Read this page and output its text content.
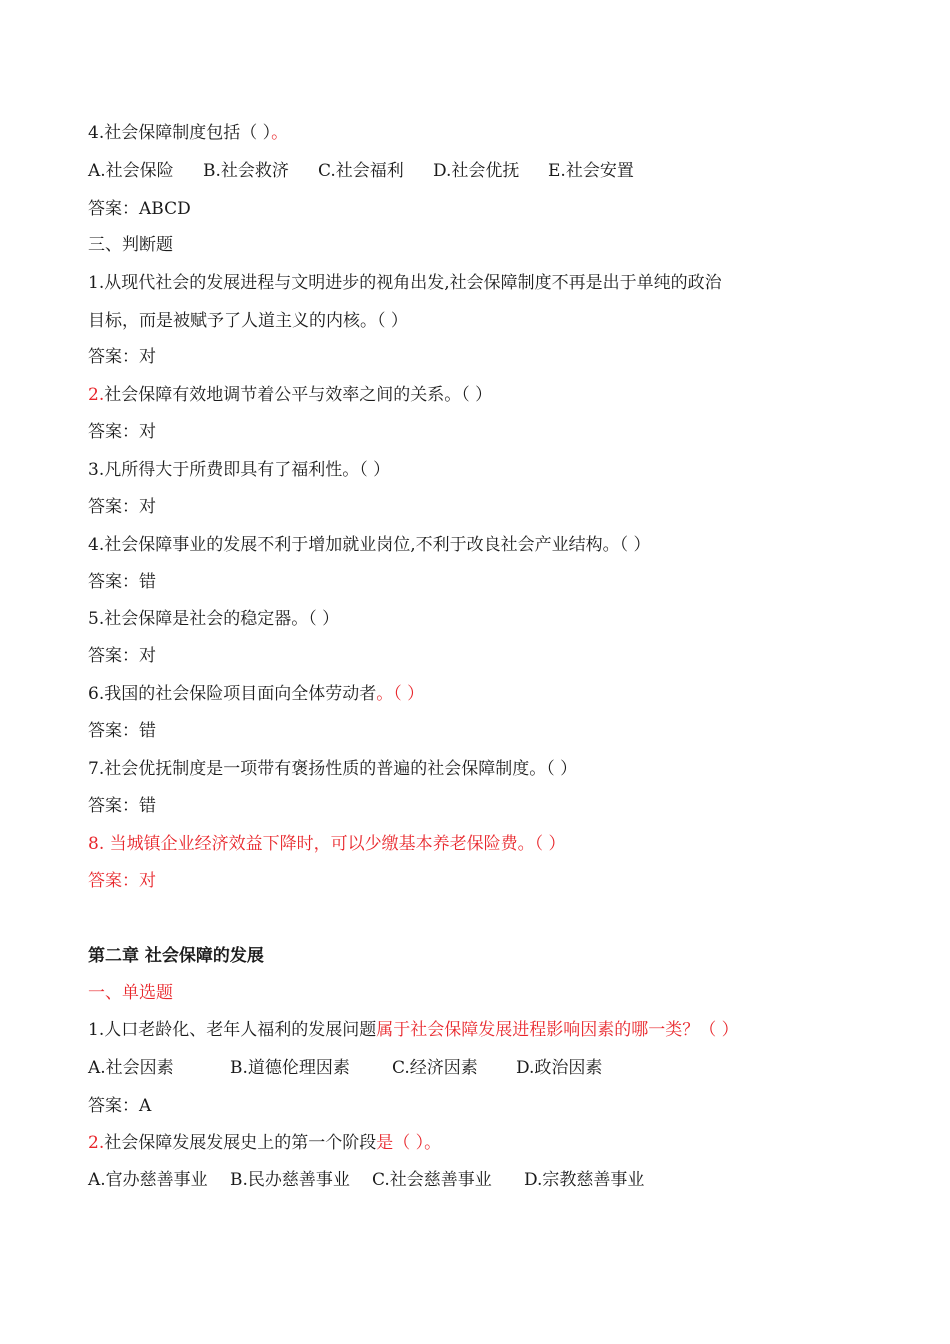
4.社会保障制度包括（ ）。
A.社会保险 B.社会救济 C.社会福利 D.社会优抚 E.社会安置
答案：ABCD
三、判断题
1.从现代社会的发展进程与文明进步的视角出发,社会保障制度不再是出于单纯的政治
目标，而是被赋予了人道主义的内核。（ ）
答案：对
2.社会保障有效地调节着公平与效率之间的关系。（ ）
答案：对
3.凡所得大于所费即具有了福利性。（ ）
答案：对
4.社会保障事业的发展不利于增加就业岗位,不利于改良社会产业结构。（ ）
答案：错
5.社会保障是社会的稳定器。（ ）
答案：对
6.我国的社会保险项目面向全体劳动者。（ ）
答案：错
7.社会优抚制度是一项带有褒扬性质的普遍的社会保障制度。（ ）
答案：错
8. 当城镇企业经济效益下降时，可以少缴基本养老保险费。（ ）
答案：对
第二章 社会保障的发展
一、单选题
1.人口老龄化、老年人福利的发展问题属于社会保障发展进程影响因素的哪一类？（ ）
A.社会因素	B.道德伦理因素 C.经济因素 D.政治因素
答案：A
2.社会保障发展发展史上的第一个阶段是（ ）。
A.官办慈善事业 B.民办慈善事业 C.社会慈善事业 D.宗教慈善事业
